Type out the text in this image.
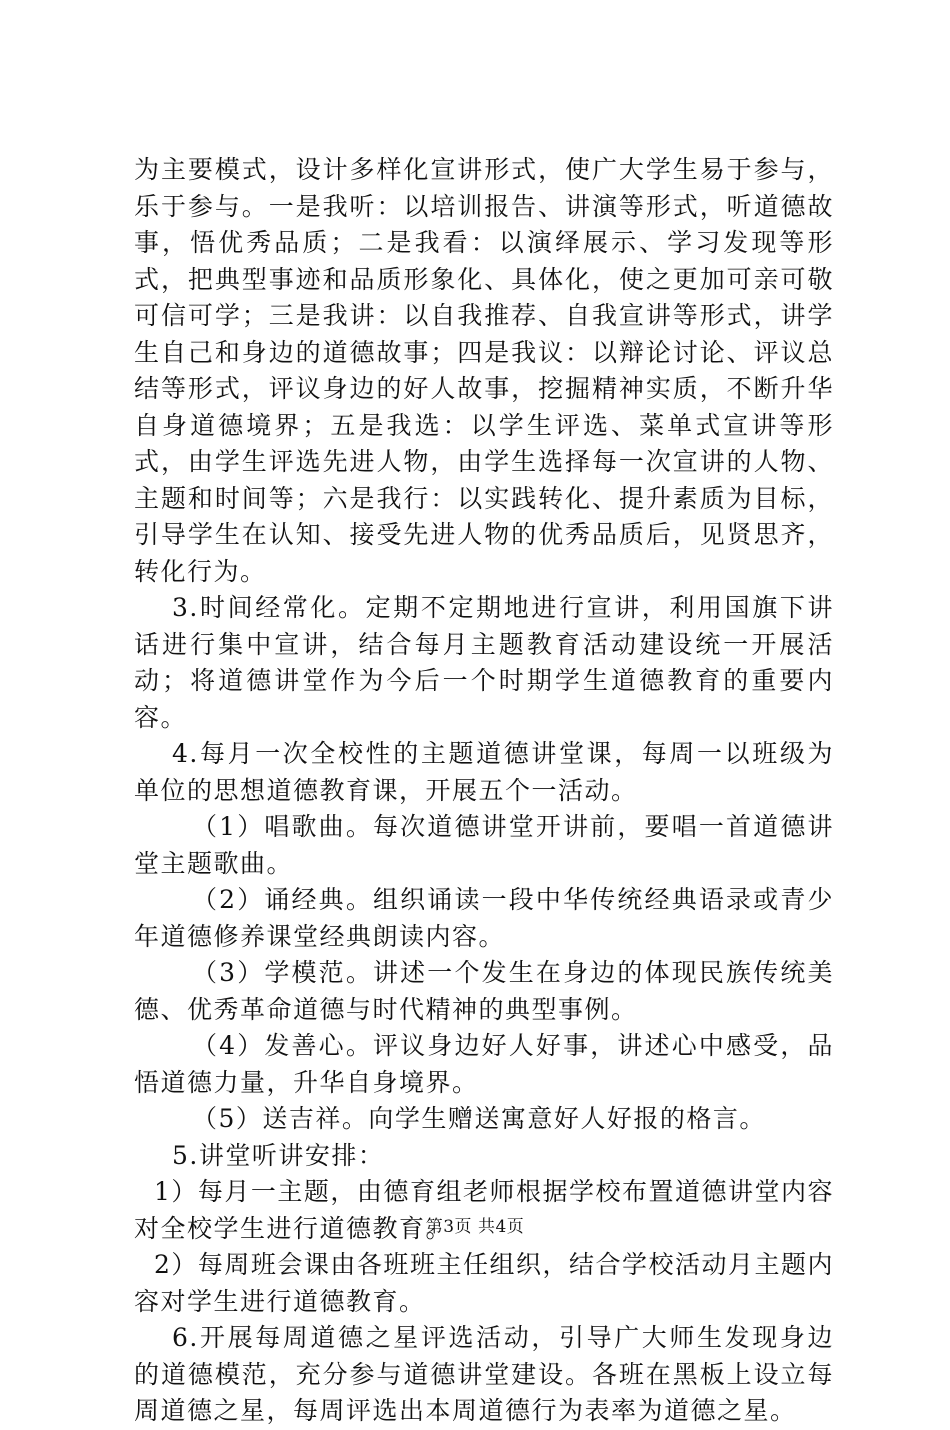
为主要模式，设计多样化宣讲形式，使广大学生易于参与，乐于参与。一是我听：以培训报告、讲演等形式，听道德故事，悟优秀品质；二是我看：以演绎展示、学习发现等形式，把典型事迹和品质形象化、具体化，使之更加可亲可敬可信可学；三是我讲：以自我推荐、自我宣讲等形式，讲学生自己和身边的道德故事；四是我议：以辩论讨论、评议总结等形式，评议身边的好人故事，挖掘精神实质，不断升华自身道德境界；五是我选：以学生评选、菜单式宣讲等形式，由学生评选先进人物，由学生选择每一次宣讲的人物、主题和时间等；六是我行：以实践转化、提升素质为目标，引导学生在认知、接受先进人物的优秀品质后，见贤思齐，转化行为。

3.时间经常化。定期不定期地进行宣讲，利用国旗下讲话进行集中宣讲，结合每月主题教育活动建设统一开展活动；将道德讲堂作为今后一个时期学生道德教育的重要内容。

4.每月一次全校性的主题道德讲堂课，每周一以班级为单位的思想道德教育课，开展五个一活动。

（1）唱歌曲。每次道德讲堂开讲前，要唱一首道德讲堂主题歌曲。

（2）诵经典。组织诵读一段中华传统经典语录或青少年道德修养课堂经典朗读内容。

（3）学模范。讲述一个发生在身边的体现民族传统美德、优秀革命道德与时代精神的典型事例。

（4）发善心。评议身边好人好事，讲述心中感受，品悟道德力量，升华自身境界。

（5）送吉祥。向学生赠送寓意好人好报的格言。

5.讲堂听讲安排：

1）每月一主题，由德育组老师根据学校布置道德讲堂内容对全校学生进行道德教育。

2）每周班会课由各班班主任组织，结合学校活动月主题内容对学生进行道德教育。

6.开展每周道德之星评选活动，引导广大师生发现身边的道德模范，充分参与道德讲堂建设。各班在黑板上设立每周道德之星，每周评选出本周道德行为表率为道德之星。

第3页 共4页
